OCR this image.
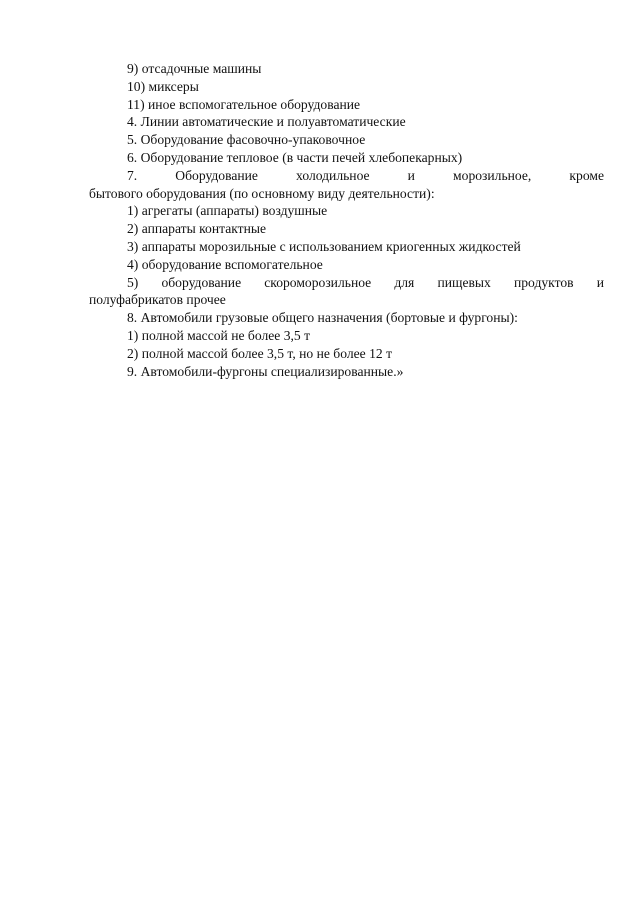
9) отсадочные машины

10) миксеры

11) иное вспомогательное оборудование

4. Линии автоматические и полуавтоматические

5. Оборудование фасовочно-упаковочное

6. Оборудование тепловое (в части печей хлебопекарных)

7. Оборудование холодильное и морозильное, кроме

бытового оборудования (по основному виду деятельности):

1) агрегаты (аппараты) воздушные

2) аппараты контактные

3) аппараты морозильные с использованием криогенных жидкостей

4) оборудование вспомогательное

5) оборудование скороморозильное для пищевых продуктов и

полуфабрикатов прочее

8. Автомобили грузовые общего назначения (бортовые и фургоны):

1) полной массой не более 3,5 т

2) полной массой более 3,5 т, но не более 12 т

9. Автомобили-фургоны специализированные.»
